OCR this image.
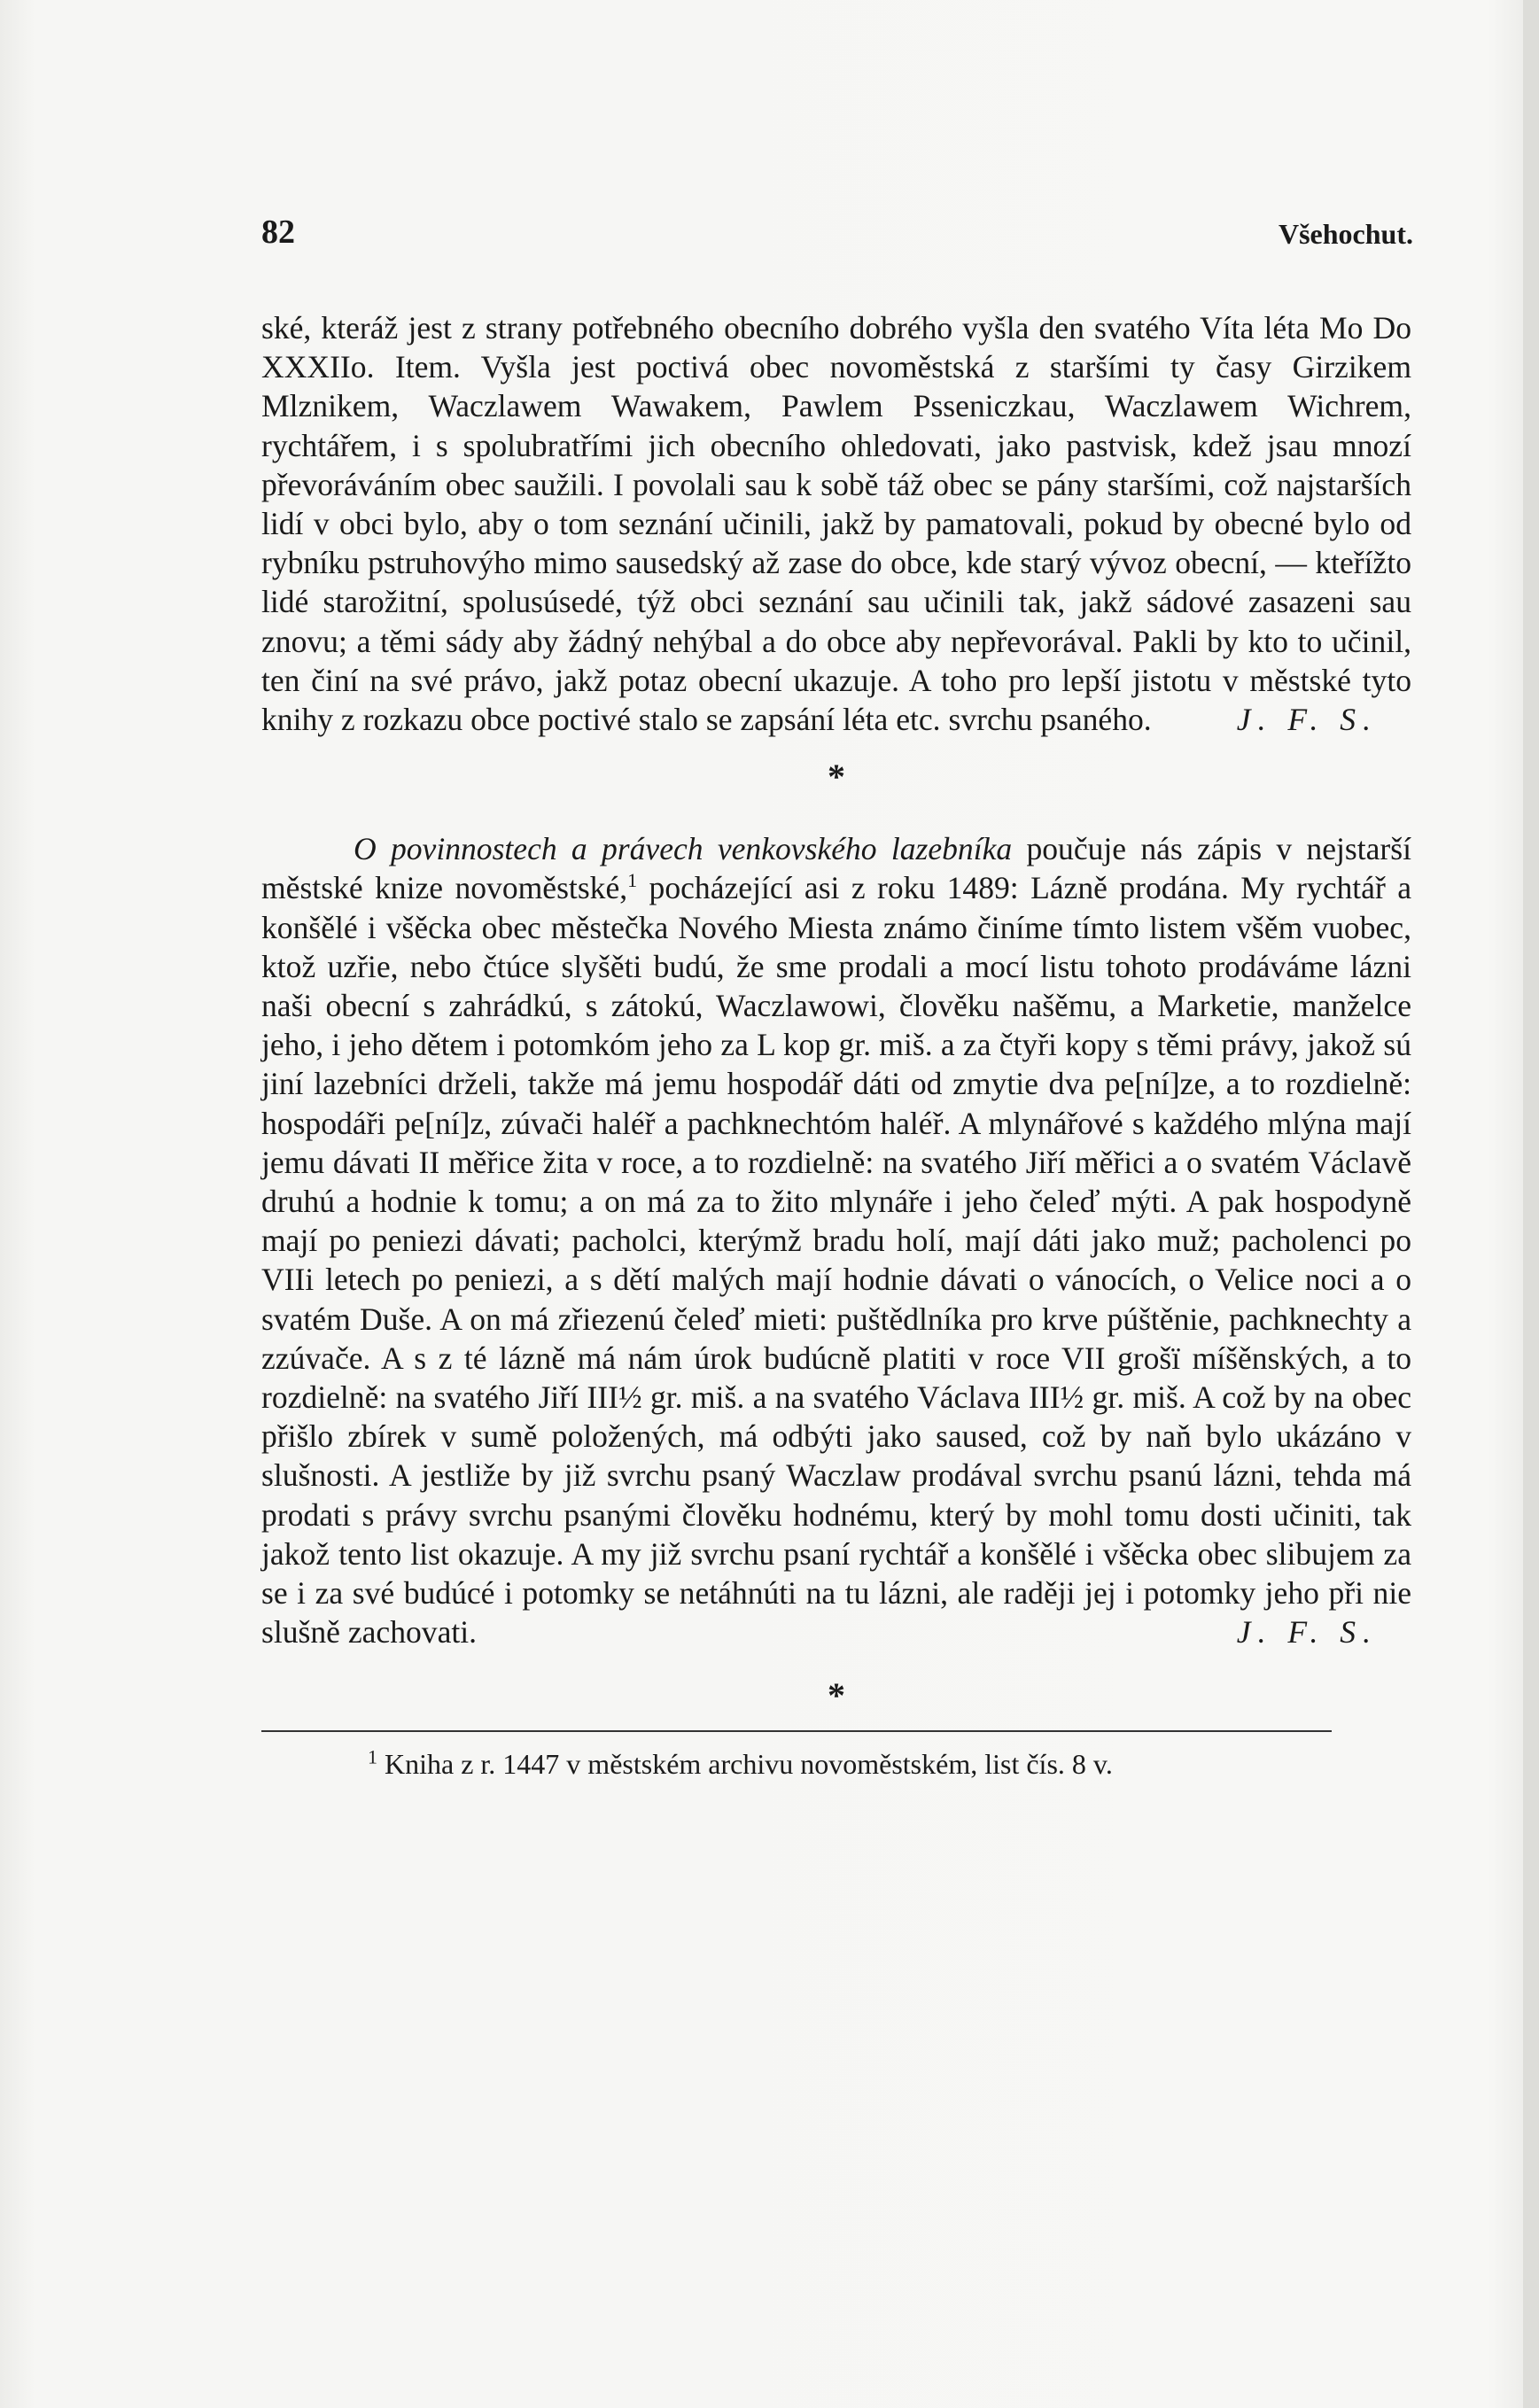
82	Všehochut.

ské, kteráž jest z strany potřebného obecního dobrého vyšla den svatého Víta léta Mo Do XXXIIo. Item. Vyšla jest poctivá obec novoměstská z staršími ty časy Girzikem Mlznikem, Waczlawem Wawakem, Pawlem Psseniczkau, Waczlawem Wichrem, rychtářem, i s spolubratřími jich obecního ohledovati, jako pastvisk, kdež jsau mnozí převoráváním obec saužili. I povolali sau k sobě táž obec se pány staršími, což najstarších lidí v obci bylo, aby o tom seznání učinili, jakž by pamatovali, pokud by obecné bylo od rybníku pstruhovýho mimo sausedský až zase do obce, kde starý vývoz obecní, — kteřížto lidé starožitní, spolusúsedé, týž obci seznání sau učinili tak, jakž sádové zasazeni sau znovu; a těmi sády aby žádný nehýbal a do obce aby nepřevorával. Pakli by kto to učinil, ten činí na své právo, jakž potaz obecní ukazuje. A toho pro lepší jistotu v městské tyto knihy z rozkazu obce poctivé stalo se zapsání léta etc. svrchu psaného.	J. F. S.

*

O povinnostech a právech venkovského lazebníka poučuje nás zápis v nejstarší městské knize novoměstské,$^1$ pocházející asi z roku 1489: Lázně prodána. My rychtář a konšělé i všěcka obec městečka Nového Miesta známo činíme tímto listem všěm vuobec, ktož uzřie, nebo čtúce slyšěti budú, že sme prodali a mocí listu tohoto prodáváme lázni naši obecní s zahrádkú, s zátokú, Waczlawowi, člověku našěmu, a Marketie, manželce jeho, i jeho dětem i potomkóm jeho za L kop gr. miš. a za čtyři kopy s těmi právy, jakož sú jiní lazebníci drželi, takže má jemu hospodář dáti od zmytie dva pe[ní]ze, a to rozdielně: hospodáři pe[ní]z, zúvači haléř a pachknechtóm haléř. A mlynářové s každého mlýna mají jemu dávati II měřice žita v roce, a to rozdielně: na svatého Jiří měřici a o svatém Václavě druhú a hodnie k tomu; a on má za to žito mlynáře i jeho čeleď mýti. A pak hospodyně mají po peniezi dávati; pacholci, kterýmž bradu holí, mají dáti jako muž; pacholenci po VIIi letech po peniezi, a s dětí malých mají hodnie dávati o vánocích, o Velice noci a o svatém Duše. A on má zřiezenú čeleď mieti: puštědlníka pro krve púštěnie, pachknechty a zzúvače. A s z té lázně má nám úrok budúcně platiti v roce VII grošï míšěnských, a to rozdielně: na svatého Jiří III½ gr. miš. a na svatého Václava III½ gr. miš. A což by na obec přišlo zbírek v sumě položených, má odbýti jako saused, což by naň bylo ukázáno v slušnosti. A jestliže by již svrchu psaný Waczlaw prodával svrchu psanú lázni, tehda má prodati s právy svrchu psanými člověku hodnému, který by mohl tomu dosti učiniti, tak jakož tento list okazuje. A my již svrchu psaní rychtář a konšělé i všěcka obec slibujem za se i za své budúcé i potomky se netáhnúti na tu lázni, ale raději jej i potomky jeho při nie slušně zachovati.	J. F. S.

*

$^1$ Kniha z r. 1447 v městském archivu novoměstském, list čís. 8 v.
